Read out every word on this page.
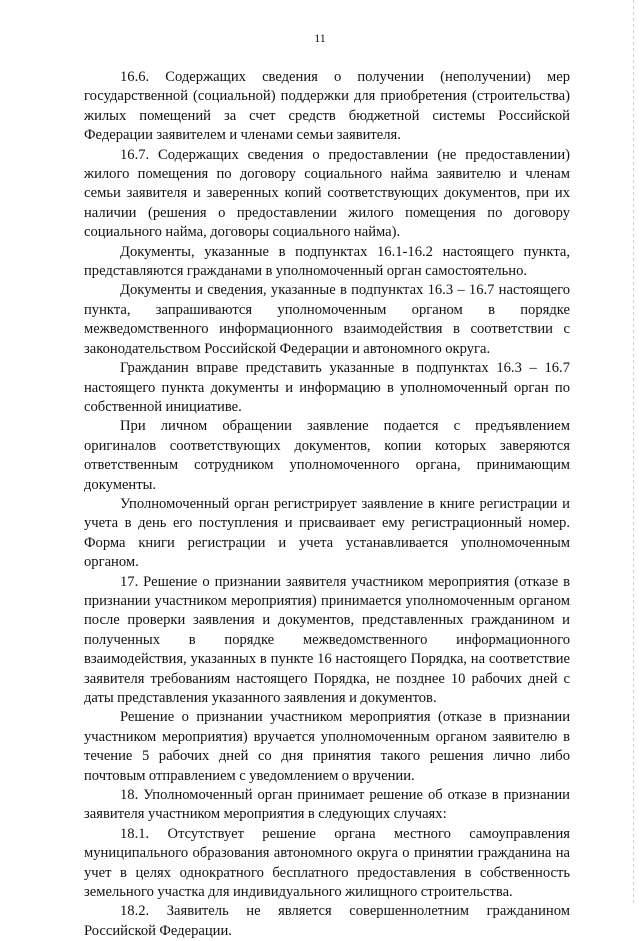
11

16.6. Содержащих сведения о получении (неполучении) мер государственной (социальной) поддержки для приобретения (строительства) жилых помещений за счет средств бюджетной системы Российской Федерации заявителем и членами семьи заявителя.

16.7. Содержащих сведения о предоставлении (не предоставлении) жилого помещения по договору социального найма заявителю и членам семьи заявителя и заверенных копий соответствующих документов, при их наличии (решения о предоставлении жилого помещения по договору социального найма, договоры социального найма).

Документы, указанные в подпунктах 16.1-16.2 настоящего пункта, представляются гражданами в уполномоченный орган самостоятельно.

Документы и сведения, указанные в подпунктах 16.3 – 16.7 настоящего пункта, запрашиваются уполномоченным органом в порядке межведомственного информационного взаимодействия в соответствии с законодательством Российской Федерации и автономного округа.

Гражданин вправе представить указанные в подпунктах 16.3 – 16.7 настоящего пункта документы и информацию в уполномоченный орган по собственной инициативе.

При личном обращении заявление подается с предъявлением оригиналов соответствующих документов, копии которых заверяются ответственным сотрудником уполномоченного органа, принимающим документы.

Уполномоченный орган регистрирует заявление в книге регистрации и учета в день его поступления и присваивает ему регистрационный номер. Форма книги регистрации и учета устанавливается уполномоченным органом.

17. Решение о признании заявителя участником мероприятия (отказе в признании участником мероприятия) принимается уполномоченным органом после проверки заявления и документов, представленных гражданином и полученных в порядке межведомственного информационного взаимодействия, указанных в пункте 16 настоящего Порядка, на соответствие заявителя требованиям настоящего Порядка, не позднее 10 рабочих дней с даты представления указанного заявления и документов.

Решение о признании участником мероприятия (отказе в признании участником мероприятия) вручается уполномоченным органом заявителю в течение 5 рабочих дней со дня принятия такого решения лично либо почтовым отправлением с уведомлением о вручении.

18. Уполномоченный орган принимает решение об отказе в признании заявителя участником мероприятия в следующих случаях:

18.1. Отсутствует решение органа местного самоуправления муниципального образования автономного округа о принятии гражданина на учет в целях однократного бесплатного предоставления в собственность земельного участка для индивидуального жилищного строительства.

18.2. Заявитель не является совершеннолетним гражданином Российской Федерации.
